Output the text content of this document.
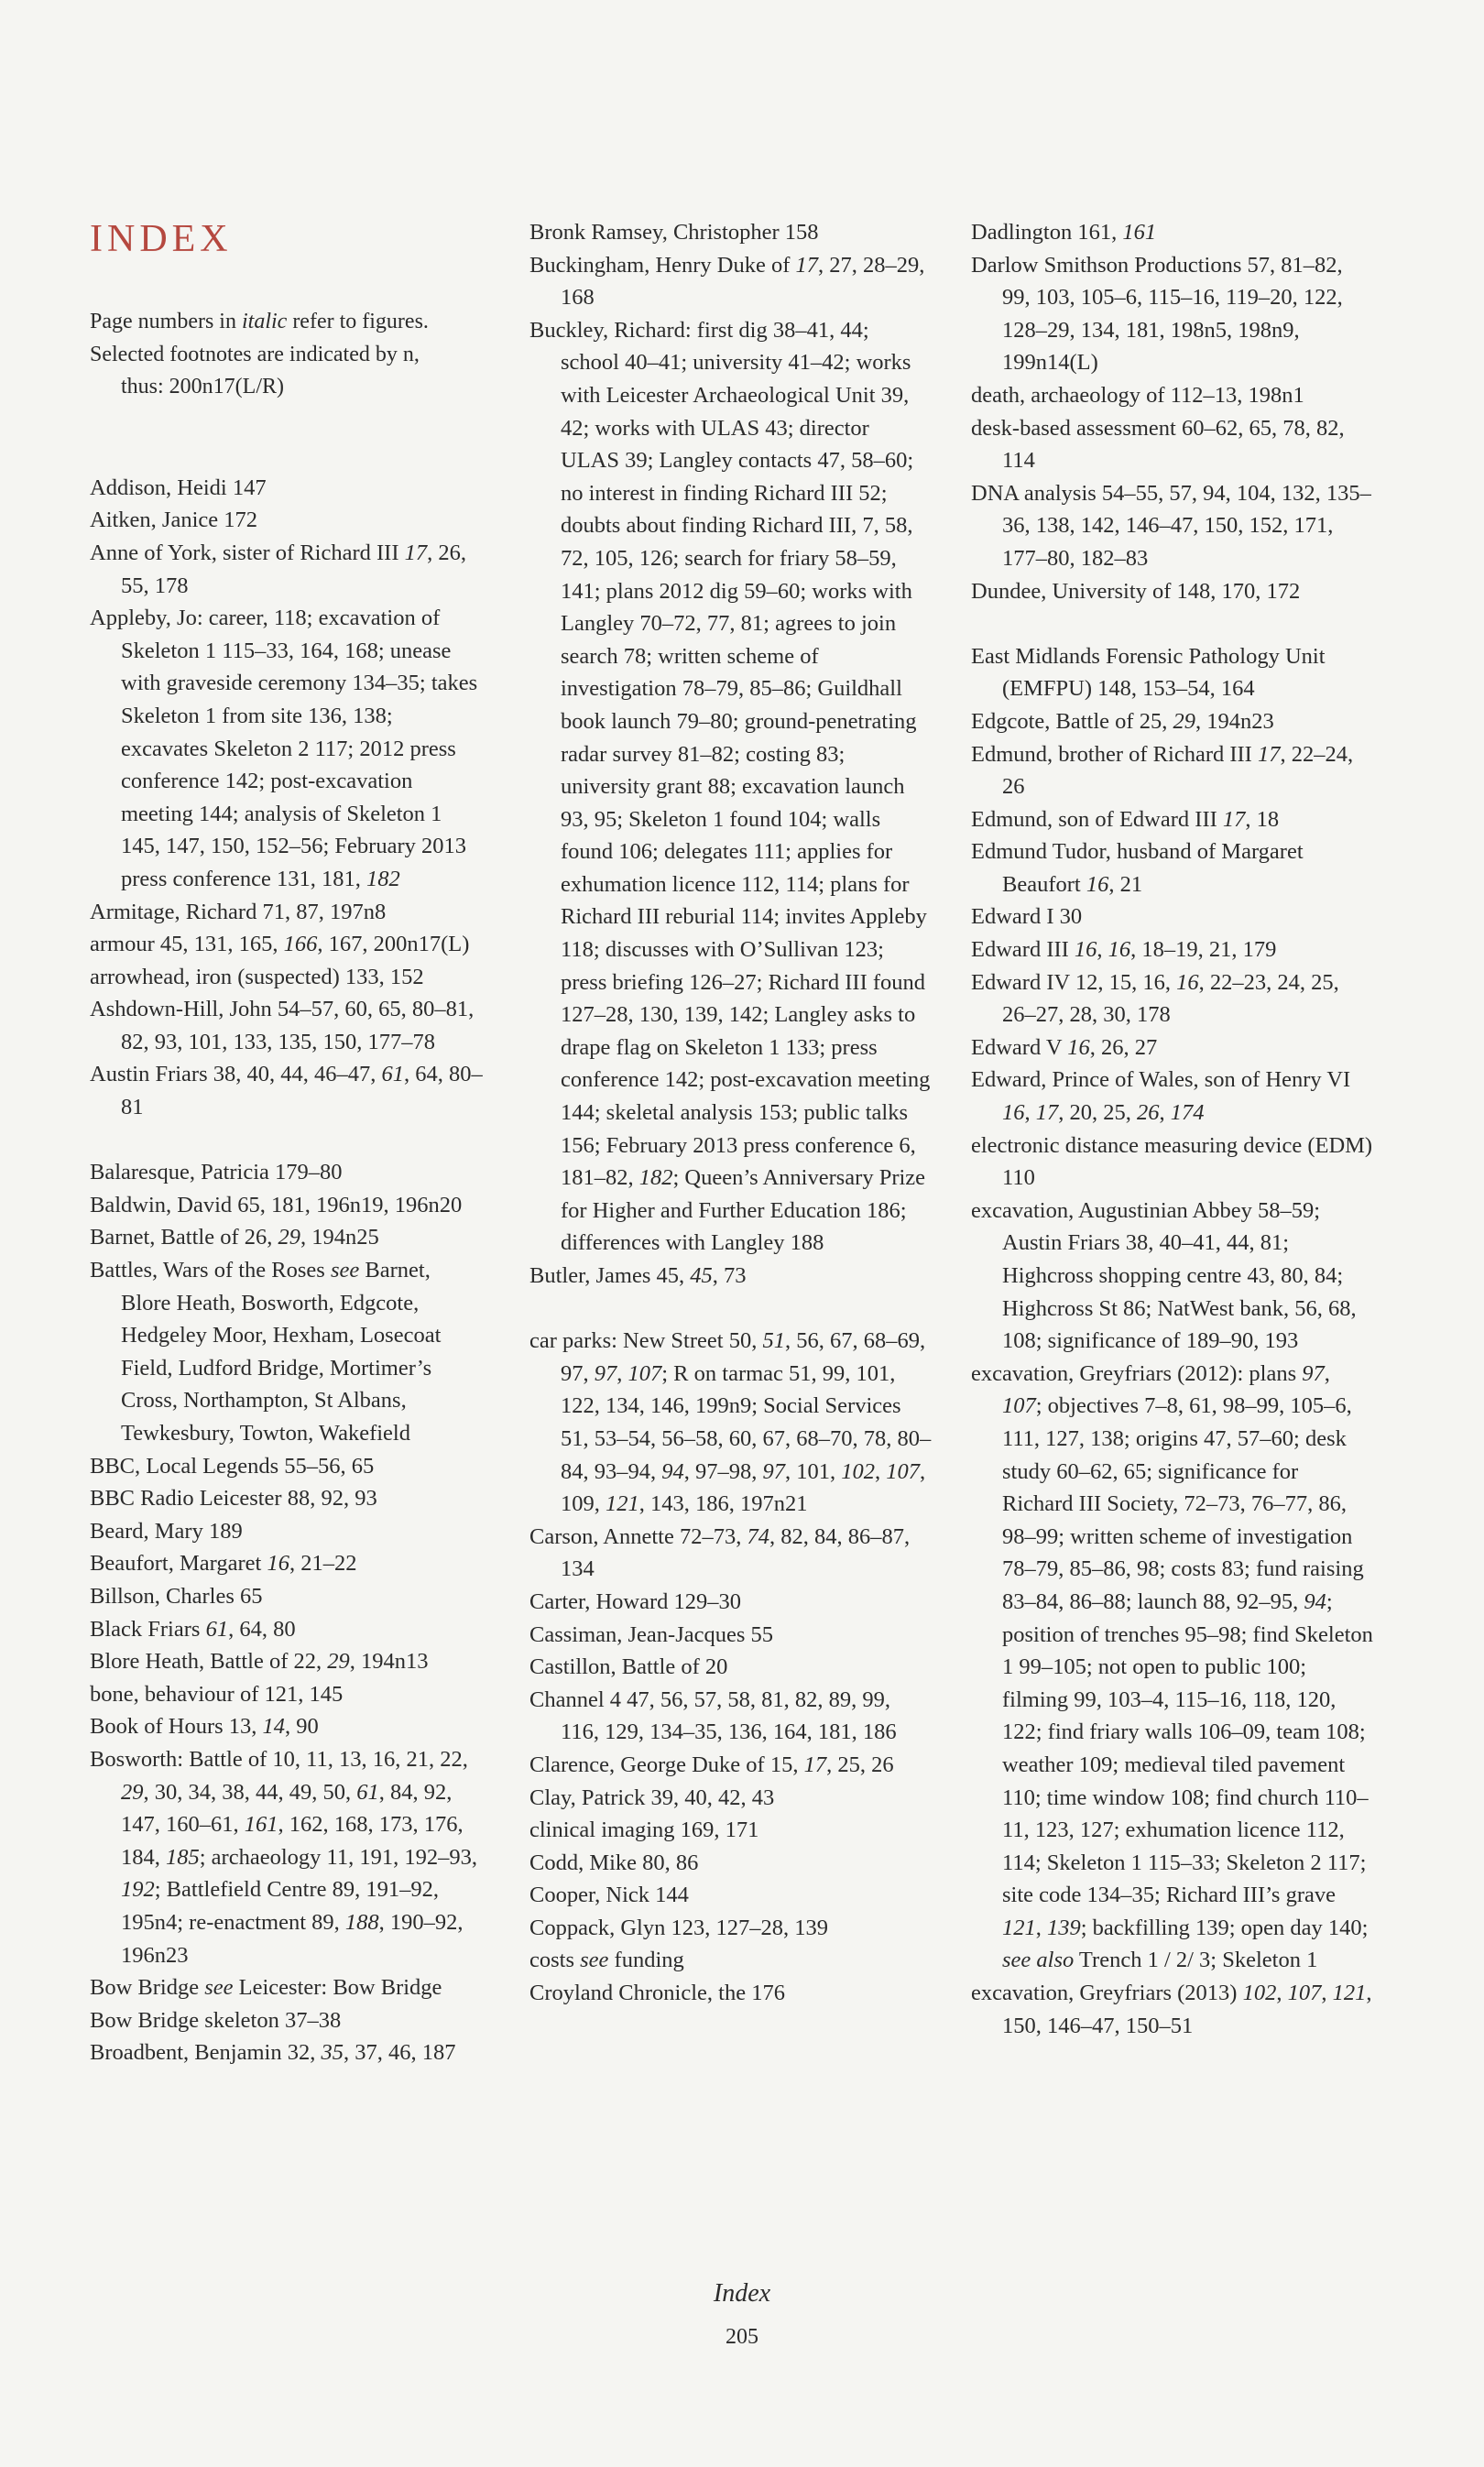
INDEX
Page numbers in italic refer to figures.
Selected footnotes are indicated by n,
thus: 200n17(L/R)

Addison, Heidi 147

Aitken, Janice 172

Anne of York, sister of Richard III 17, 26, 55, 178

Appleby, Jo: career, 118; excavation of Skeleton 1 115–33, 164, 168; unease with graveside ceremony 134–35; takes Skeleton 1 from site 136, 138; excavates Skeleton 2 117; 2012 press conference 142; post-excavation meeting 144; analysis of Skeleton 1 145, 147, 150, 152–56; February 2013 press conference 131, 181, 182

Armitage, Richard 71, 87, 197n8

armour 45, 131, 165, 166, 167, 200n17(L)

arrowhead, iron (suspected) 133, 152

Ashdown-Hill, John 54–57, 60, 65, 80–81, 82, 93, 101, 133, 135, 150, 177–78

Austin Friars 38, 40, 44, 46–47, 61, 64, 80–81

Balaresque, Patricia 179–80

Baldwin, David 65, 181, 196n19, 196n20

Barnet, Battle of 26, 29, 194n25

Battles, Wars of the Roses see Barnet, Blore Heath, Bosworth, Edgcote, Hedgeley Moor, Hexham, Losecoat Field, Ludford Bridge, Mortimer’s Cross, Northampton, St Albans, Tewkesbury, Towton, Wakefield

BBC, Local Legends 55–56, 65

BBC Radio Leicester 88, 92, 93

Beard, Mary 189

Beaufort, Margaret 16, 21–22

Billson, Charles 65

Black Friars 61, 64, 80

Blore Heath, Battle of 22, 29, 194n13

bone, behaviour of 121, 145

Book of Hours 13, 14, 90

Bosworth: Battle of 10, 11, 13, 16, 21, 22, 29, 30, 34, 38, 44, 49, 50, 61, 84, 92, 147, 160–61, 161, 162, 168, 173, 176, 184, 185; archaeology 11, 191, 192–93, 192; Battlefield Centre 89, 191–92, 195n4; re-enactment 89, 188, 190–92, 196n23

Bow Bridge see Leicester: Bow Bridge

Bow Bridge skeleton 37–38

Broadbent, Benjamin 32, 35, 37, 46, 187

Bronk Ramsey, Christopher 158

Buckingham, Henry Duke of 17, 27, 28–29, 168

Buckley, Richard: first dig 38–41, 44; school 40–41; university 41–42; works with Leicester Archaeological Unit 39, 42; works with ULAS 43; director ULAS 39; Langley contacts 47, 58–60; no interest in finding Richard III 52; doubts about finding Richard III, 7, 58, 72, 105, 126; search for friary 58–59, 141; plans 2012 dig 59–60; works with Langley 70–72, 77, 81; agrees to join search 78; written scheme of investigation 78–79, 85–86; Guildhall book launch 79–80; ground-penetrating radar survey 81–82; costing 83; university grant 88; excavation launch 93, 95; Skeleton 1 found 104; walls found 106; delegates 111; applies for exhumation licence 112, 114; plans for Richard III reburial 114; invites Appleby 118; discusses with O’Sullivan 123; press briefing 126–27; Richard III found 127–28, 130, 139, 142; Langley asks to drape flag on Skeleton 1 133; press conference 142; post-excavation meeting 144; skeletal analysis 153; public talks 156; February 2013 press conference 6, 181–82, 182; Queen’s Anniversary Prize for Higher and Further Education 186; differences with Langley 188

Butler, James 45, 45, 73

car parks: New Street 50, 51, 56, 67, 68–69, 97, 97, 107; R on tarmac 51, 99, 101, 122, 134, 146, 199n9; Social Services 51, 53–54, 56–58, 60, 67, 68–70, 78, 80–84, 93–94, 94, 97–98, 97, 101, 102, 107, 109, 121, 143, 186, 197n21

Carson, Annette 72–73, 74, 82, 84, 86–87, 134

Carter, Howard 129–30

Cassiman, Jean-Jacques 55

Castillon, Battle of 20

Channel 4 47, 56, 57, 58, 81, 82, 89, 99, 116, 129, 134–35, 136, 164, 181, 186

Clarence, George Duke of 15, 17, 25, 26

Clay, Patrick 39, 40, 42, 43

clinical imaging 169, 171

Codd, Mike 80, 86

Cooper, Nick 144

Coppack, Glyn 123, 127–28, 139

costs see funding

Croyland Chronicle, the 176

Dadlington 161, 161

Darlow Smithson Productions 57, 81–82, 99, 103, 105–6, 115–16, 119–20, 122, 128–29, 134, 181, 198n5, 198n9, 199n14(L)

death, archaeology of 112–13, 198n1

desk-based assessment 60–62, 65, 78, 82, 114

DNA analysis 54–55, 57, 94, 104, 132, 135–36, 138, 142, 146–47, 150, 152, 171, 177–80, 182–83

Dundee, University of 148, 170, 172

East Midlands Forensic Pathology Unit (EMFPU) 148, 153–54, 164

Edgcote, Battle of 25, 29, 194n23

Edmund, brother of Richard III 17, 22–24, 26

Edmund, son of Edward III 17, 18

Edmund Tudor, husband of Margaret Beaufort 16, 21

Edward I 30

Edward III 16, 16, 18–19, 21, 179

Edward IV 12, 15, 16, 16, 22–23, 24, 25, 26–27, 28, 30, 178

Edward V 16, 26, 27

Edward, Prince of Wales, son of Henry VI 16, 17, 20, 25, 26, 174

electronic distance measuring device (EDM) 110

excavation, Augustinian Abbey 58–59; Austin Friars 38, 40–41, 44, 81; Highcross shopping centre 43, 80, 84; Highcross St 86; NatWest bank, 56, 68, 108; significance of 189–90, 193

excavation, Greyfriars (2012): plans 97, 107; objectives 7–8, 61, 98–99, 105–6, 111, 127, 138; origins 47, 57–60; desk study 60–62, 65; significance for Richard III Society, 72–73, 76–77, 86, 98–99; written scheme of investigation 78–79, 85–86, 98; costs 83; fund raising 83–84, 86–88; launch 88, 92–95, 94; position of trenches 95–98; find Skeleton 1 99–105; not open to public 100; filming 99, 103–4, 115–16, 118, 120, 122; find friary walls 106–09, team 108; weather 109; medieval tiled pavement 110; time window 108; find church 110–11, 123, 127; exhumation licence 112, 114; Skeleton 1 115–33; Skeleton 2 117; site code 134–35; Richard III’s grave 121, 139; backfilling 139; open day 140; see also Trench 1 / 2/ 3; Skeleton 1

excavation, Greyfriars (2013) 102, 107, 121, 150, 146–47, 150–51

Index
205
